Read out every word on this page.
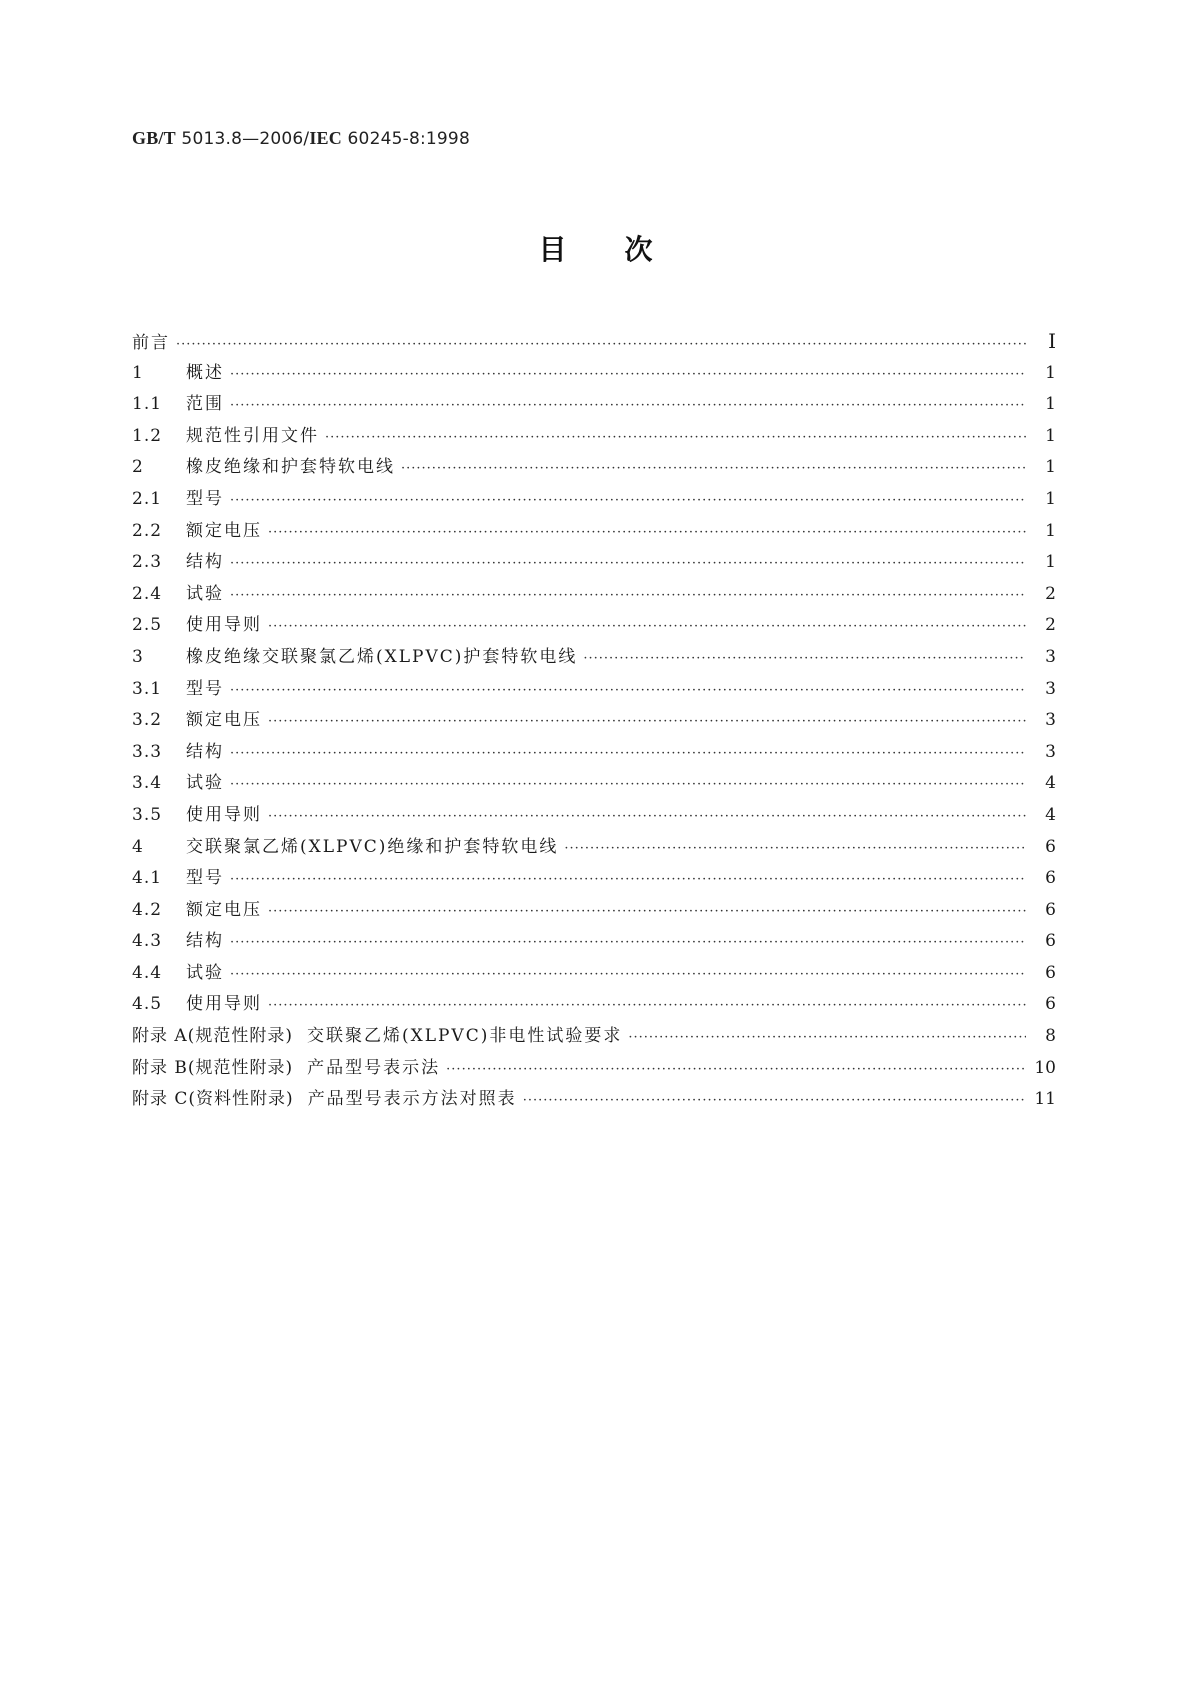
GB/T 5013.8—2006/IEC 60245-8:1998
目次
前言 ·····	I
1	概述 ·····	1
1.1	范围 ·····	1
1.2	规范性引用文件 ·····	1
2	橡皮绝缘和护套特软电线 ·····	1
2.1	型号 ·····	1
2.2	额定电压 ·····	1
2.3	结构 ·····	1
2.4	试验 ·····	2
2.5	使用导则 ·····	2
3	橡皮绝缘交联聚氯乙烯(XLPVC)护套特软电线 ·····	3
3.1	型号 ·····	3
3.2	额定电压 ·····	3
3.3	结构 ·····	3
3.4	试验 ·····	4
3.5	使用导则 ·····	4
4	交联聚氯乙烯(XLPVC)绝缘和护套特软电线 ·····	6
4.1	型号 ·····	6
4.2	额定电压 ·····	6
4.3	结构 ·····	6
4.4	试验 ·····	6
4.5	使用导则 ·····	6
附录 A(规范性附录) 交联聚乙烯(XLPVC)非电性试验要求 ·····	8
附录 B(规范性附录) 产品型号表示法 ·····	10
附录 C(资料性附录) 产品型号表示方法对照表 ·····	11
